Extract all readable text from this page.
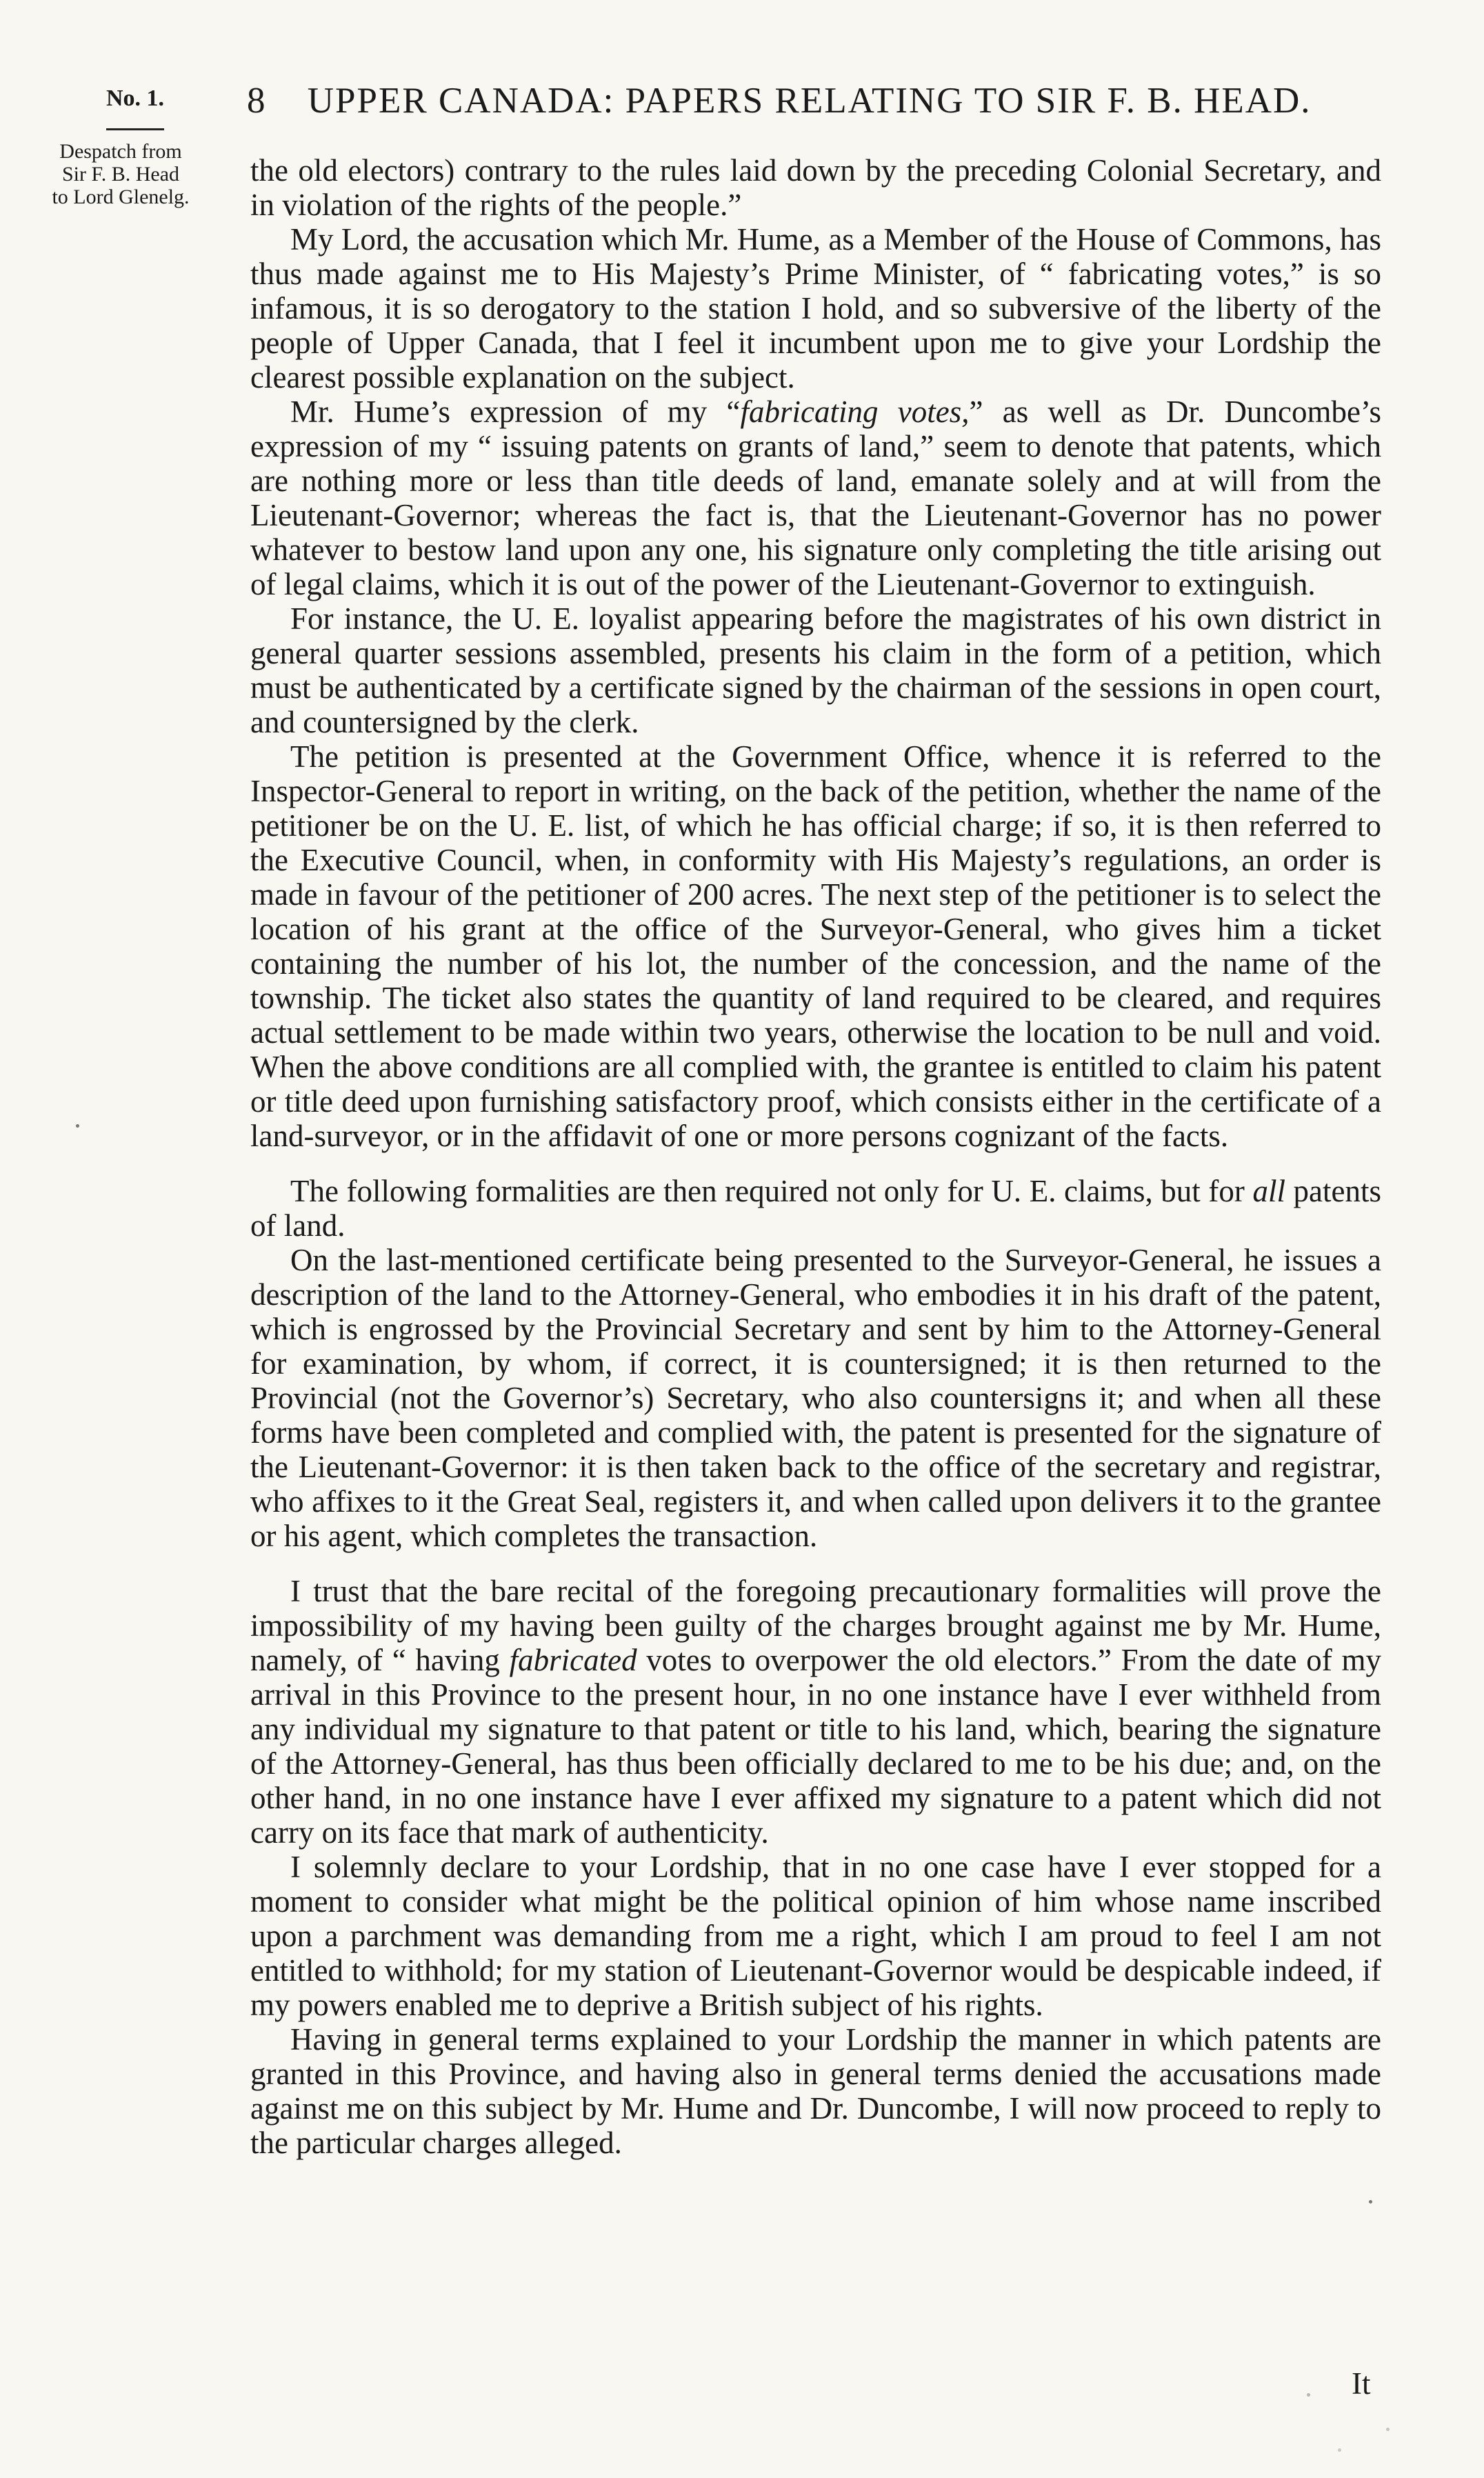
No. 1.
Despatch from
Sir F. B. Head
to Lord Glenelg.
8 UPPER CANADA: PAPERS RELATING TO SIR F. B. HEAD.

the old electors) contrary to the rules laid down by the preceding Colonial Secretary, and in violation of the rights of the people.”

My Lord, the accusation which Mr. Hume, as a Member of the House of Commons, has thus made against me to His Majesty’s Prime Minister, of “ fabricating votes,” is so infamous, it is so derogatory to the station I hold, and so subversive of the liberty of the people of Upper Canada, that I feel it incumbent upon me to give your Lordship the clearest possible explanation on the subject.

Mr. Hume’s expression of my “fabricating votes,” as well as Dr. Duncombe’s expression of my “ issuing patents on grants of land,” seem to denote that patents, which are nothing more or less than title deeds of land, emanate solely and at will from the Lieutenant-Governor; whereas the fact is, that the Lieutenant-Governor has no power whatever to bestow land upon any one, his signature only completing the title arising out of legal claims, which it is out of the power of the Lieutenant-Governor to extinguish.

For instance, the U. E. loyalist appearing before the magistrates of his own district in general quarter sessions assembled, presents his claim in the form of a petition, which must be authenticated by a certificate signed by the chairman of the sessions in open court, and countersigned by the clerk.

The petition is presented at the Government Office, whence it is referred to the Inspector-General to report in writing, on the back of the petition, whether the name of the petitioner be on the U. E. list, of which he has official charge; if so, it is then referred to the Executive Council, when, in conformity with His Majesty’s regulations, an order is made in favour of the petitioner of 200 acres. The next step of the petitioner is to select the location of his grant at the office of the Surveyor-General, who gives him a ticket containing the number of his lot, the number of the concession, and the name of the township. The ticket also states the quantity of land required to be cleared, and requires actual settlement to be made within two years, otherwise the location to be null and void. When the above conditions are all complied with, the grantee is entitled to claim his patent or title deed upon furnishing satisfactory proof, which consists either in the certificate of a land-surveyor, or in the affidavit of one or more persons cognizant of the facts.

The following formalities are then required not only for U. E. claims, but for all patents of land.

On the last-mentioned certificate being presented to the Surveyor-General, he issues a description of the land to the Attorney-General, who embodies it in his draft of the patent, which is engrossed by the Provincial Secretary and sent by him to the Attorney-General for examination, by whom, if correct, it is countersigned; it is then returned to the Provincial (not the Governor’s) Secretary, who also countersigns it; and when all these forms have been completed and complied with, the patent is presented for the signature of the Lieutenant-Governor: it is then taken back to the office of the secretary and registrar, who affixes to it the Great Seal, registers it, and when called upon delivers it to the grantee or his agent, which completes the transaction.

I trust that the bare recital of the foregoing precautionary formalities will prove the impossibility of my having been guilty of the charges brought against me by Mr. Hume, namely, of “ having fabricated votes to overpower the old electors.” From the date of my arrival in this Province to the present hour, in no one instance have I ever withheld from any individual my signature to that patent or title to his land, which, bearing the signature of the Attorney-General, has thus been officially declared to me to be his due; and, on the other hand, in no one instance have I ever affixed my signature to a patent which did not carry on its face that mark of authenticity.

I solemnly declare to your Lordship, that in no one case have I ever stopped for a moment to consider what might be the political opinion of him whose name inscribed upon a parchment was demanding from me a right, which I am proud to feel I am not entitled to withhold; for my station of Lieutenant-Governor would be despicable indeed, if my powers enabled me to deprive a British subject of his rights.

Having in general terms explained to your Lordship the manner in which patents are granted in this Province, and having also in general terms denied the accusations made against me on this subject by Mr. Hume and Dr. Duncombe, I will now proceed to reply to the particular charges alleged.

It
